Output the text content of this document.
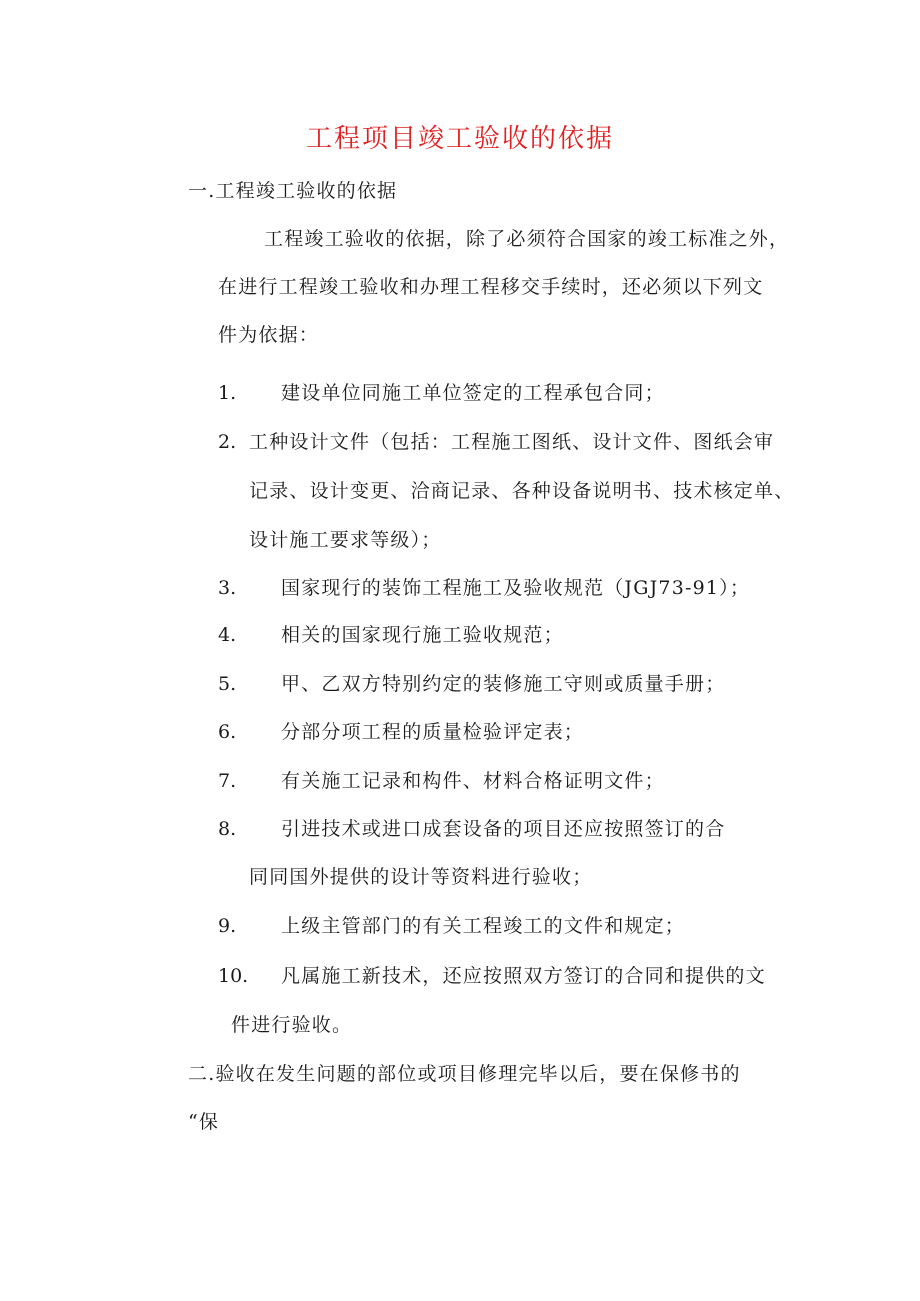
工程项目竣工验收的依据
一.工程竣工验收的依据
工程竣工验收的依据，除了必须符合国家的竣工标准之外，
在进行工程竣工验收和办理工程移交手续时，还必须以下列文
件为依据：
1. 建设单位同施工单位签定的工程承包合同；
2. 工种设计文件（包括：工程施工图纸、设计文件、图纸会审
记录、设计变更、洽商记录、各种设备说明书、技术核定单、
设计施工要求等级）；
3. 国家现行的装饰工程施工及验收规范（JGJ73-91）；
4. 相关的国家现行施工验收规范；
5. 甲、乙双方特别约定的装修施工守则或质量手册；
6. 分部分项工程的质量检验评定表；
7. 有关施工记录和构件、材料合格证明文件；
8. 引进技术或进口成套设备的项目还应按照签订的合
同同国外提供的设计等资料进行验收；
9. 上级主管部门的有关工程竣工的文件和规定；
10. 凡属施工新技术，还应按照双方签订的合同和提供的文
件进行验收。
二.验收在发生问题的部位或项目修理完毕以后，要在保修书的
“保
